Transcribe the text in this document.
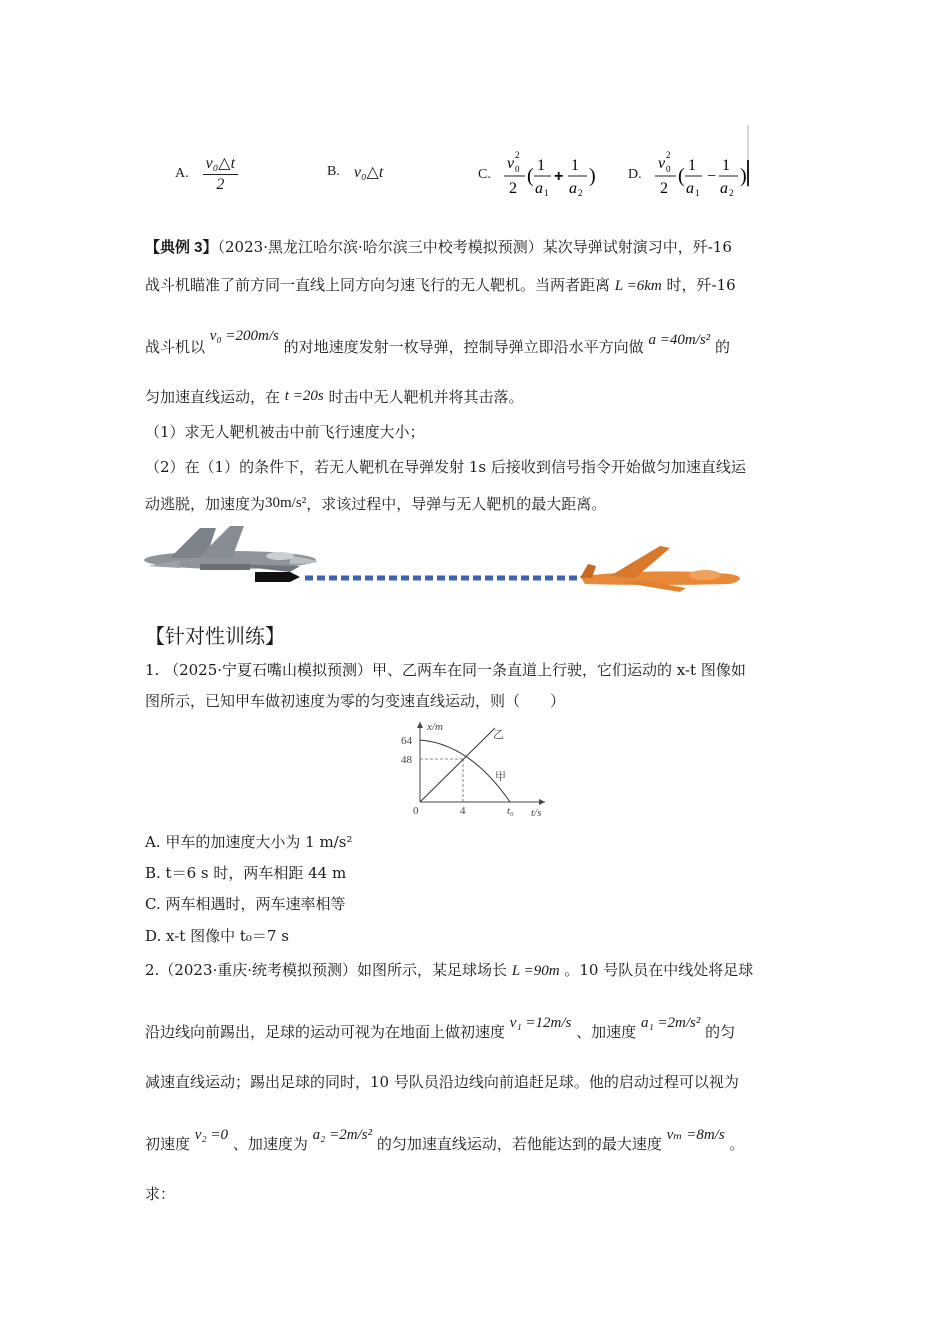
A. $\frac{\text{v₀△t}}{2}$	B. v₀△t	C.
v 2
0
2
( 1
a 1
+
1
a 2
) D.
v 2
0
2
( 1
a 1
−
1
a 2
)
【典例 3】（2023·黑龙江哈尔滨·哈尔滨三中校考模拟预测）某次导弹试射演习中，歼-16
战斗机瞄准了前方同一直线上同方向匀速飞行的无人靶机。当两者距离 L =6km 时，歼-16
战斗机以 v₀ =200m/s 的对地速度发射一枚导弹，控制导弹立即沿水平方向做 a =40m/s² 的
匀加速直线运动，在 t =20s 时击中无人靶机并将其击落。
（1）求无人靶机被击中前飞行速度大小；
（2）在（1）的条件下，若无人靶机在导弹发射 1s 后接收到信号指令开始做匀加速直线运
动逃脱，加速度为30m/s²，求该过程中，导弹与无人靶机的最大距离。
【针对性训练】
1. （2025·宁夏石嘴山模拟预测）甲、乙两车在同一条直道上行驶，它们运动的 x-t 图像如
图所示，已知甲车做初速度为零的匀变速直线运动，则（　　）
64
48
0	4	t₀
x/m
t/s
乙
甲
A. 甲车的加速度大小为 1 m/s²
B. t＝6 s 时，两车相距 44 m
C. 两车相遇时，两车速率相等
D. x-t 图像中 t₀＝7 s
2.（2023·重庆·统考模拟预测）如图所示，某足球场长 L =90m 。10 号队员在中线处将足球
沿边线向前踢出，足球的运动可视为在地面上做初速度 v₁ =12m/s 、加速度 a₁ =2m/s² 的匀
减速直线运动；踢出足球的同时，10 号队员沿边线向前追赶足球。他的启动过程可以视为
初速度 v₂ =0 、加速度为 a₂ =2m/s² 的匀加速直线运动，若他能达到的最大速度 vₘ =8m/s 。
求：
